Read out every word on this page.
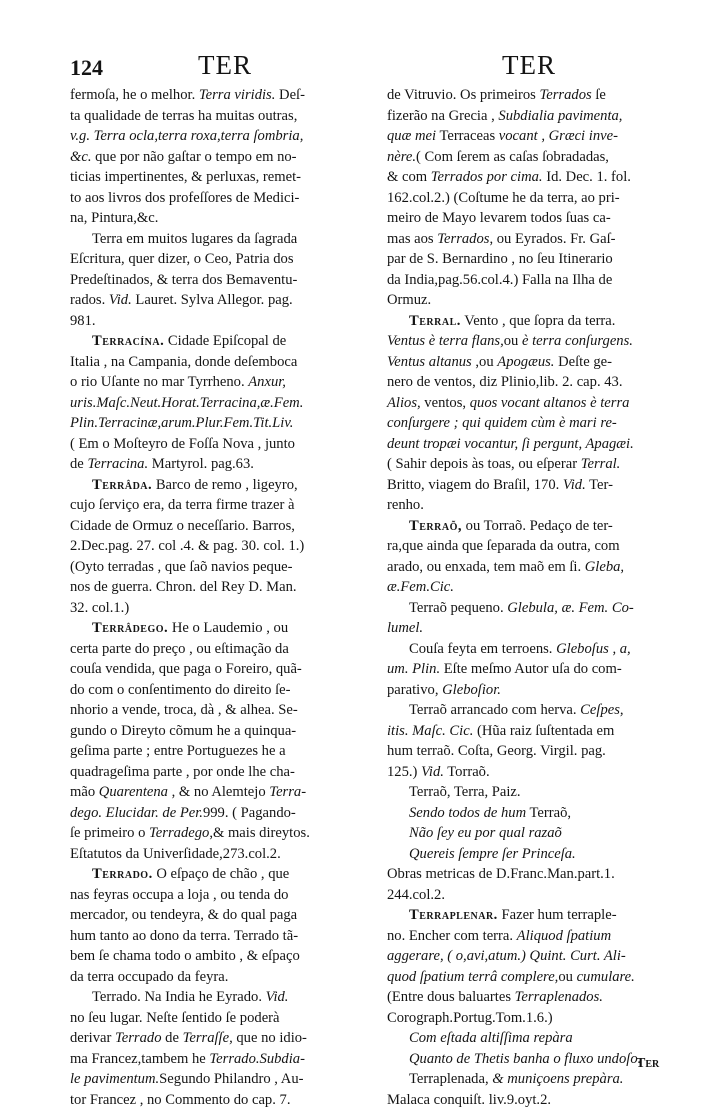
124	TER	TER
fermoſa, he o melhor. Terra viridis. Deſ-
ta qualidade de terras ha muitas outras,
v.g. Terra ocla,terra roxa,terra ſombria,
&c. que por não gaſtar o tempo em no-
ticias impertinentes, & perluxas, remet-
to aos livros dos profeſſores de Medici-
na, Pintura,&c.
Terra em muitos lugares da ſagrada
Eſcritura, quer dizer, o Ceo, Patria dos
Predeſtinados, & terra dos Bemaventu-
rados. Vid. Lauret. Sylva Allegor. pag.
981.
Terracína. Cidade Epiſcopal de
Italia , na Campania, donde deſemboca
o rio Uſante no mar Tyrrheno. Anxur,
uris.Maſc.Neut.Horat.Terracina,æ.Fem.
Plin.Terracinæ,arum.Plur.Fem.Tit.Liv.
( Em o Moſteyro de Foſſa Nova , junto
de Terracina. Martyrol. pag.63.
Terrâda. Barco de remo , ligeyro,
cujo ſerviço era, da terra firme trazer à
Cidade de Ormuz o neceſſario. Barros,
2.Dec.pag. 27. col .4. & pag. 30. col. 1.)
(Oyto terradas , que ſaõ navios peque-
nos de guerra. Chron. del Rey D. Man.
32. col.1.)
Terrâdego. He o Laudemio , ou
certa parte do preço , ou eſtimação da
couſa vendida, que paga o Foreiro, quã-
do com o conſentimento do direito ſe-
nhorio a vende, troca, dà , & alhea. Se-
gundo o Direyto cõmum he a quinqua-
geſima parte ; entre Portuguezes he a
quadrageſima parte , por onde lhe cha-
mão Quarentena , & no Alemtejo Terra-
dego. Elucidar. de Per.999. ( Pagando-
ſe primeiro o Terradego,& mais direytos.
Eſtatutos da Univerſidade,273.col.2.
Terrado. O eſpaço de chão , que
nas feyras occupa a loja , ou tenda do
mercador, ou tendeyra, & do qual paga
hum tanto ao dono da terra. Terrado tã-
bem ſe chama todo o ambito , & eſpaço
da terra occupado da feyra.
Terrado. Na India he Eyrado. Vid.
no ſeu lugar. Neſte ſentido ſe poderà
derivar Terrado de Terraſſe, que no idio-
ma Francez,tambem he Terrado.Subdia-
le pavimentum.Segundo Philandro , Au-
tor Francez , no Commento do cap. 7.
de Vitruvio. Os primeiros Terrados ſe
fizerão na Grecia , Subdialia pavimenta,
quæ mei Terraceas vocant , Græci inve-
nère.( Com ſerem as caſas ſobradadas,
& com Terrados por cima. Id. Dec. 1. fol.
162.col.2.) (Coſtume he da terra, ao pri-
meiro de Mayo levarem todos ſuas ca-
mas aos Terrados, ou Eyrados. Fr. Gaſ-
par de S. Bernardino , no ſeu Itinerario
da India,pag.56.col.4.) Falla na Ilha de
Ormuz.
Terral. Vento , que ſopra da terra.
Ventus è terra flans,ou è terra conſurgens.
Ventus altanus ,ou Apogæus. Deſte ge-
nero de ventos, diz Plinio,lib. 2. cap. 43.
Alios, ventos, quos vocant altanos è terra
conſurgere ; qui quidem cùm è mari re-
deunt tropæi vocantur, ſi pergunt, Apagæi.
( Sahir depois às toas, ou eſperar Terral.
Britto, viagem do Braſil, 170. Vid. Ter-
renho.
Terraõ, ou Torraõ. Pedaço de ter-
ra,que ainda que ſeparada da outra, com
arado, ou enxada, tem maõ em ſi. Gleba,
æ.Fem.Cic.
Terraõ pequeno. Glebula, æ. Fem. Co-
lumel.
Couſa feyta em terroens. Gleboſus , a,
um. Plin. Eſte meſmo Autor uſa do com-
parativo, Gleboſior.
Terraõ arrancado com herva. Ceſpes,
itis. Maſc. Cic. (Hũa raiz ſuſtentada em
hum terraõ. Coſta, Georg. Virgil. pag.
125.) Vid. Torraõ.
Terraõ, Terra, Paiz.
Sendo todos de hum Terraõ,
Não ſey eu por qual razaõ
Quereis ſempre ſer Princeſa.
Obras metricas de D.Franc.Man.part.1.
244.col.2.
Terraplenar. Fazer hum terraple-
no. Encher com terra. Aliquod ſpatium
aggerare, ( o,avi,atum.) Quint. Curt. Ali-
quod ſpatium terrâ complere,ou cumulare.
(Entre dous baluartes Terraplenados.
Corograph.Portug.Tom.1.6.)
Com eſtada altiſſima repàra
Quanto de Thetis banha o fluxo undoſo.
Terraplenada, & muniçoens prepàra.
Malaca conquiſt. liv.9.oyt.2.
Ter
